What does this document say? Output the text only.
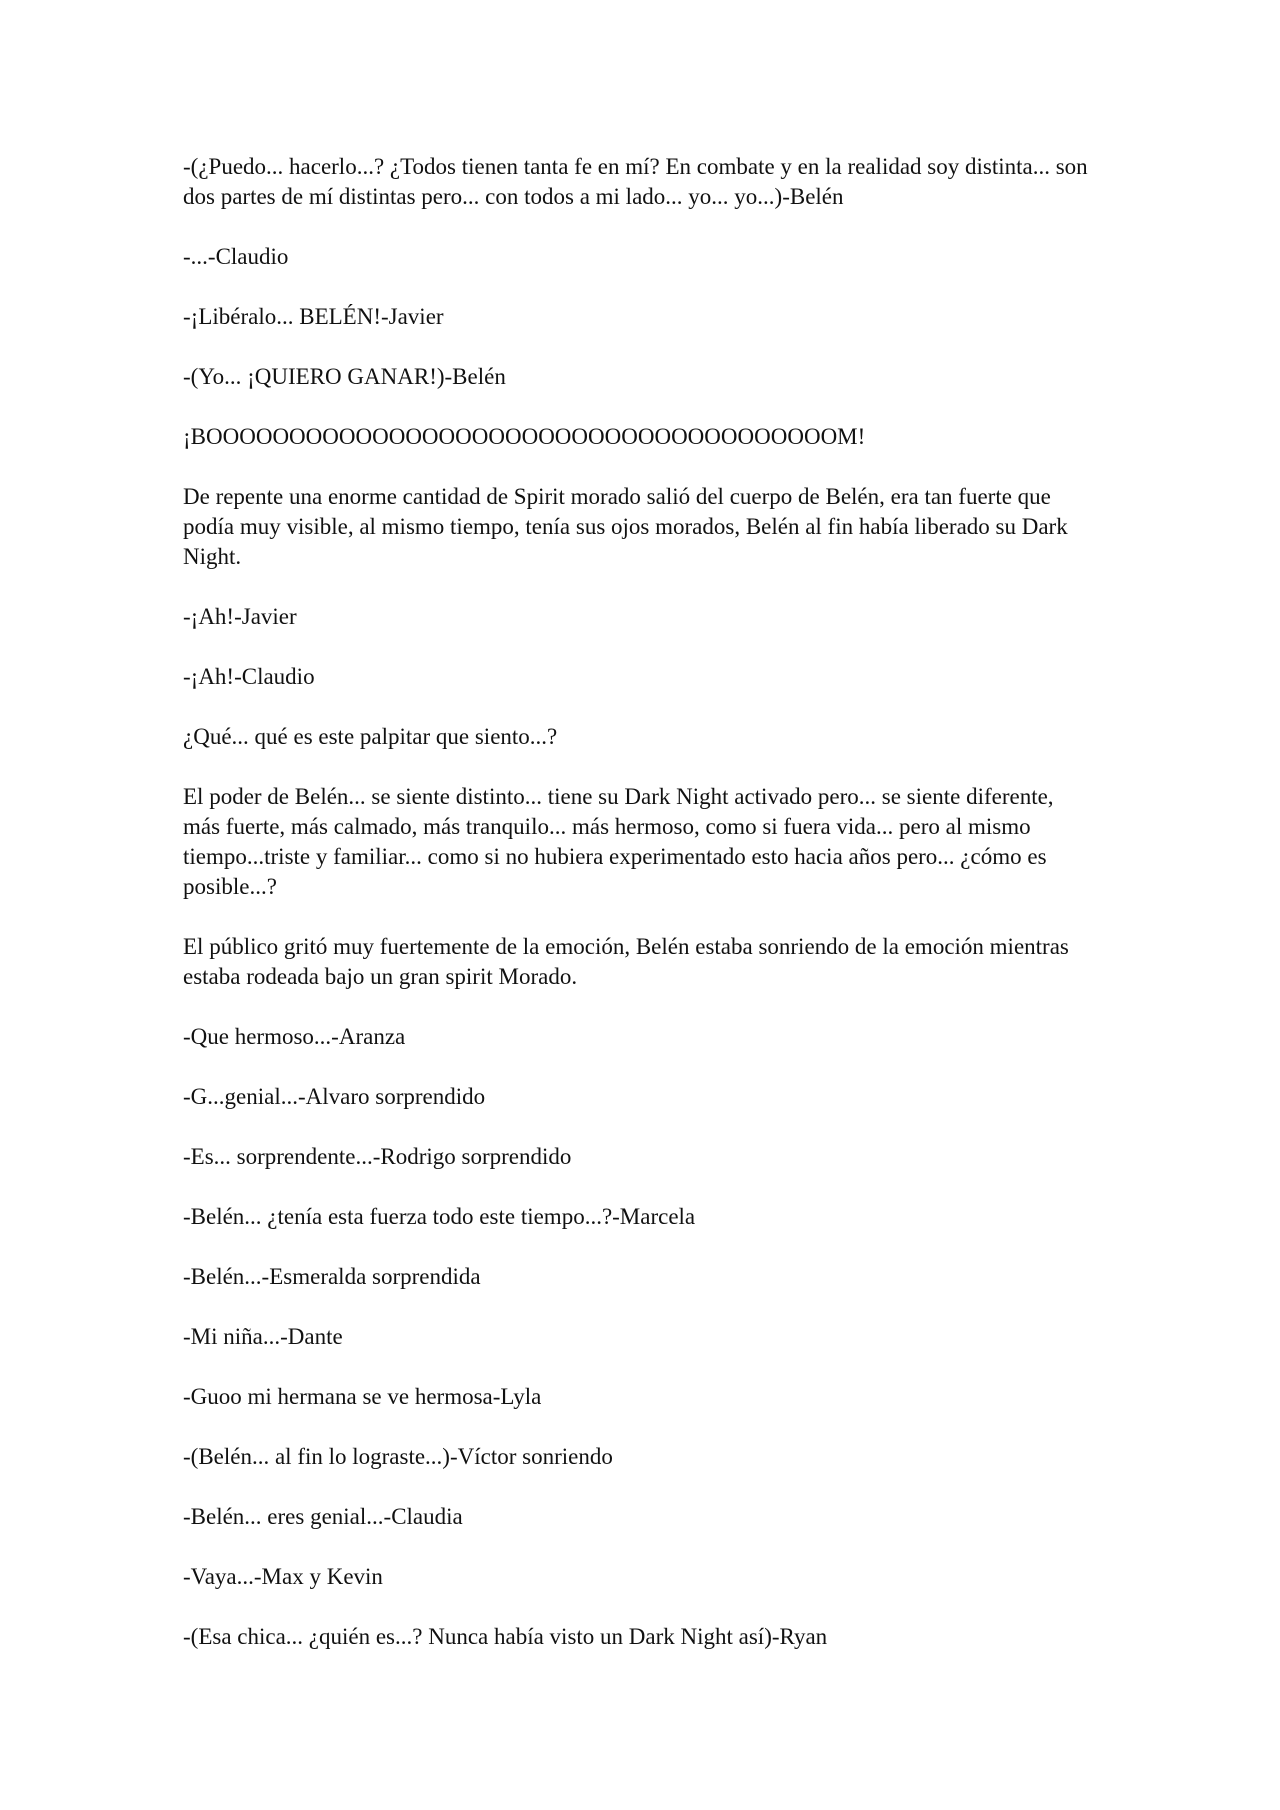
-(¿Puedo... hacerlo...? ¿Todos tienen tanta fe en mí? En combate y en la realidad soy distinta... son dos partes de mí distintas pero... con todos a mi lado... yo... yo...)-Belén

-...-Claudio

-¡Libéralo... BELÉN!-Javier

-(Yo... ¡QUIERO GANAR!)-Belén

¡BOOOOOOOOOOOOOOOOOOOOOOOOOOOOOOOOOOOOOOM!

De repente una enorme cantidad de Spirit morado salió del cuerpo de Belén, era tan fuerte que podía muy visible, al mismo tiempo, tenía sus ojos morados, Belén al fin había liberado su Dark Night.

-¡Ah!-Javier

-¡Ah!-Claudio

¿Qué... qué es este palpitar que siento...?

El poder de Belén... se siente distinto... tiene su Dark Night activado pero... se siente diferente, más fuerte, más calmado, más tranquilo... más hermoso, como si fuera vida... pero al mismo tiempo...triste y familiar... como si no hubiera experimentado esto hacia años pero... ¿cómo es posible...?

El público gritó muy fuertemente de la emoción, Belén estaba sonriendo de la emoción mientras estaba rodeada bajo un gran spirit Morado.

-Que hermoso...-Aranza

-G...genial...-Alvaro sorprendido

-Es... sorprendente...-Rodrigo sorprendido

-Belén... ¿tenía esta fuerza todo este tiempo...?-Marcela

-Belén...-Esmeralda sorprendida

-Mi niña...-Dante

-Guoo mi hermana se ve hermosa-Lyla

-(Belén... al fin lo lograste...)-Víctor sonriendo

-Belén... eres genial...-Claudia

-Vaya...-Max y Kevin

-(Esa chica... ¿quién es...? Nunca había visto un Dark Night así)-Ryan
